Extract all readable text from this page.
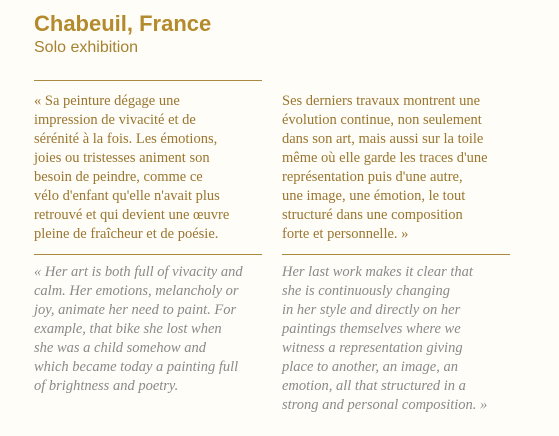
Chabeuil, France
Solo exhibition

« Sa peinture dégage une
impression de vivacité et de
sérénité à la fois. Les émotions,
joies ou tristesses animent son
besoin de peindre, comme ce
vélo d'enfant qu'elle n'avait plus
retrouvé et qui devient une œuvre
pleine de fraîcheur et de poésie.

Ses derniers travaux montrent une
évolution continue, non seulement
dans son art, mais aussi sur la toile
même où elle garde les traces d'une
représentation puis d'une autre,
une image, une émotion, le tout
structuré dans une composition
forte et personnelle. »

« Her art is both full of vivacity and
calm. Her emotions, melancholy or
joy, animate her need to paint. For
example, that bike she lost when
she was a child somehow and
which became today a painting full
of brightness and poetry.

Her last work makes it clear that
she is continuously changing
in her style and directly on her
paintings themselves where we
witness a representation giving
place to another, an image, an
emotion, all that structured in a
strong and personal composition. »
